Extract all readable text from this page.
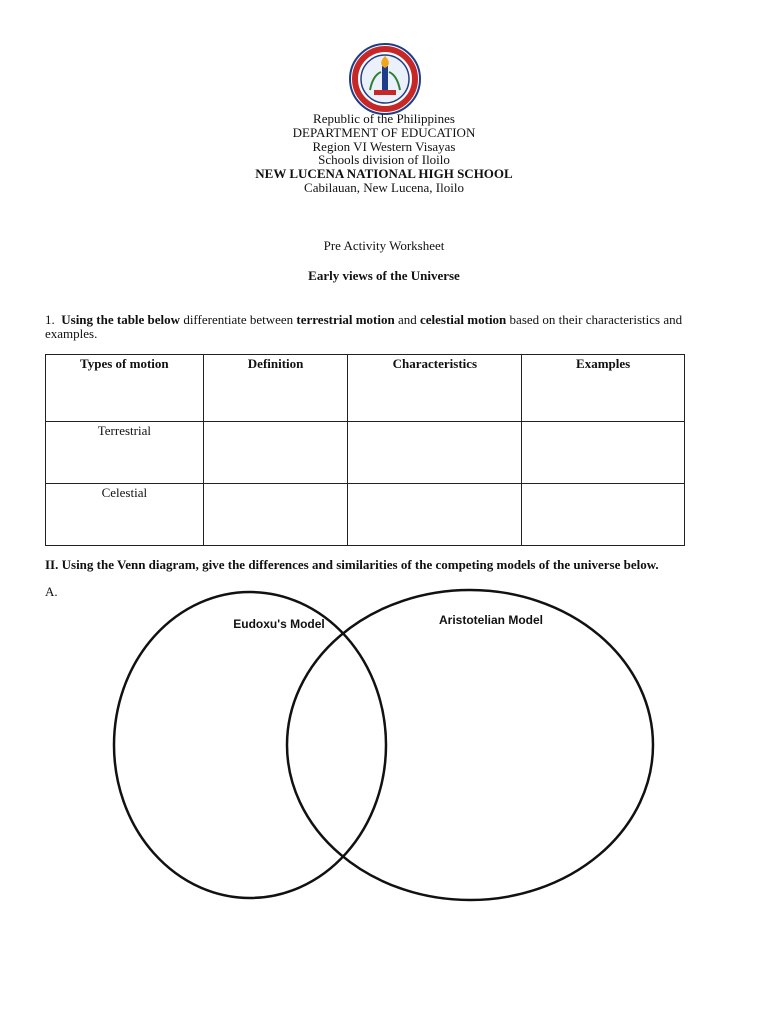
Republic of the Philippines
DEPARTMENT OF EDUCATION
Region VI Western Visayas
Schools division of Iloilo
NEW LUCENA NATIONAL HIGH SCHOOL
Cabilauan, New Lucena, Iloilo
Pre Activity Worksheet
Early views of the Universe
1. Using the table below differentiate between terrestrial motion and celestial motion based on their characteristics and examples.
Types of motion	Definition	Characteristics	Examples
Terrestrial			
Celestial			
II. Using the Venn diagram, give the differences and similarities of the competing models of the universe below.
A.
Eudoxu's Model	Aristotelian Model
